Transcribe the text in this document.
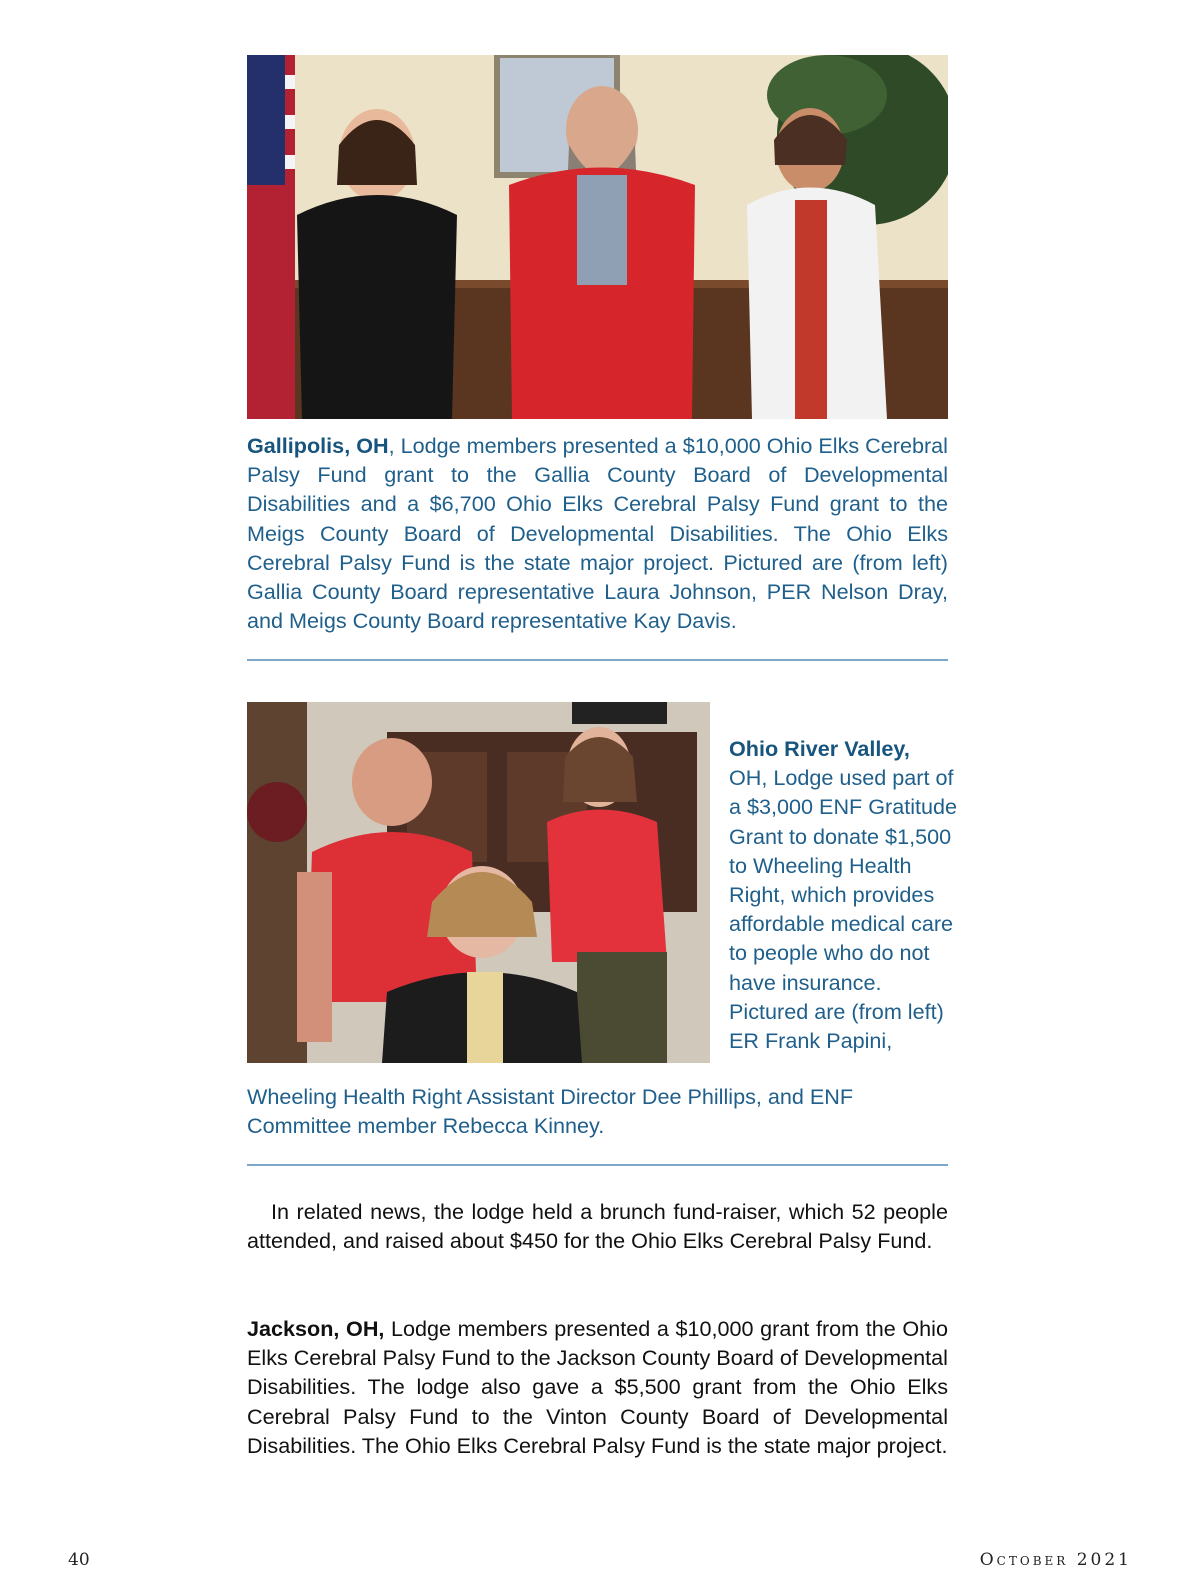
Gallipolis, OH, Lodge members presented a $10,000 Ohio Elks Cerebral Palsy Fund grant to the Gallia County Board of Developmental Disabilities and a $6,700 Ohio Elks Cerebral Palsy Fund grant to the Meigs County Board of Developmental Disabilities. The Ohio Elks Cerebral Palsy Fund is the state major project. Pictured are (from left) Gallia County Board representative Laura Johnson, PER Nelson Dray, and Meigs County Board representative Kay Davis.

Ohio River Valley,
OH, Lodge used part of a $3,000 ENF Gratitude Grant to donate $1,500 to Wheeling Health Right, which provides affordable medical care to people who do not have insurance. Pictured are (from left) ER Frank Papini,

Wheeling Health Right Assistant Director Dee Phillips, and ENF Committee member Rebecca Kinney.

In related news, the lodge held a brunch fund-raiser, which 52 people attended, and raised about $450 for the Ohio Elks Cerebral Palsy Fund.

Jackson, OH, Lodge members presented a $10,000 grant from the Ohio Elks Cerebral Palsy Fund to the Jackson County Board of Developmental Disabilities. The lodge also gave a $5,500 grant from the Ohio Elks Cerebral Palsy Fund to the Vinton County Board of Developmental Disabilities. The Ohio Elks Cerebral Palsy Fund is the state major project.

40	October 2021
